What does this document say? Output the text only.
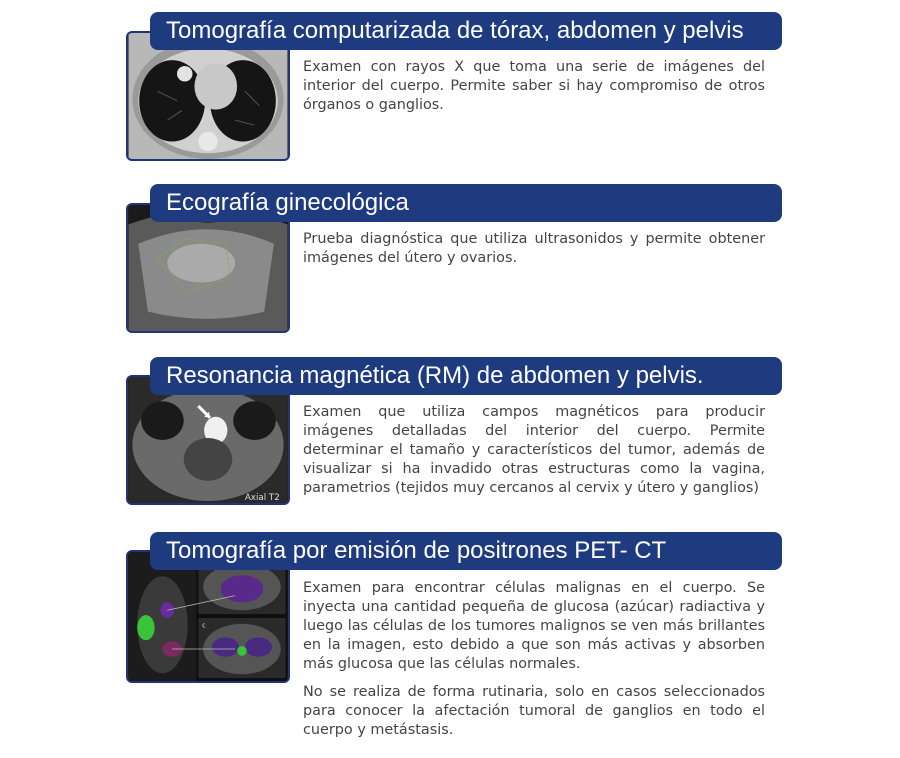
Tomografía computarizada de tórax, abdomen y pelvis

Examen con rayos X que toma una serie de imágenes del interior del cuerpo. Permite saber si hay compromiso de otros órganos o ganglios.

Ecografía ginecológica

Prueba diagnóstica que utiliza ultrasonidos y permite obtener imágenes del útero y ovarios.

Axial T2
Resonancia magnética (RM) de abdomen y pelvis.

Examen que utiliza campos magnéticos para producir imágenes detalladas del interior del cuerpo. Permite determinar el tamaño y característicos del tumor, además de visualizar si ha invadido otras estructuras como la vagina, parametrios (tejidos muy cercanos al cervix y útero y ganglios)

c
Tomografía por emisión de positrones PET- CT

Examen para encontrar células malignas en el cuerpo. Se inyecta una cantidad pequeña de glucosa (azúcar) radiactiva y luego las células de los tumores malignos se ven más brillantes en la imagen, esto debido a que son más activas y absorben más glucosa que las células normales.

No se realiza de forma rutinaria, solo en casos seleccionados para conocer la afectación tumoral de ganglios en todo el cuerpo y metástasis.
